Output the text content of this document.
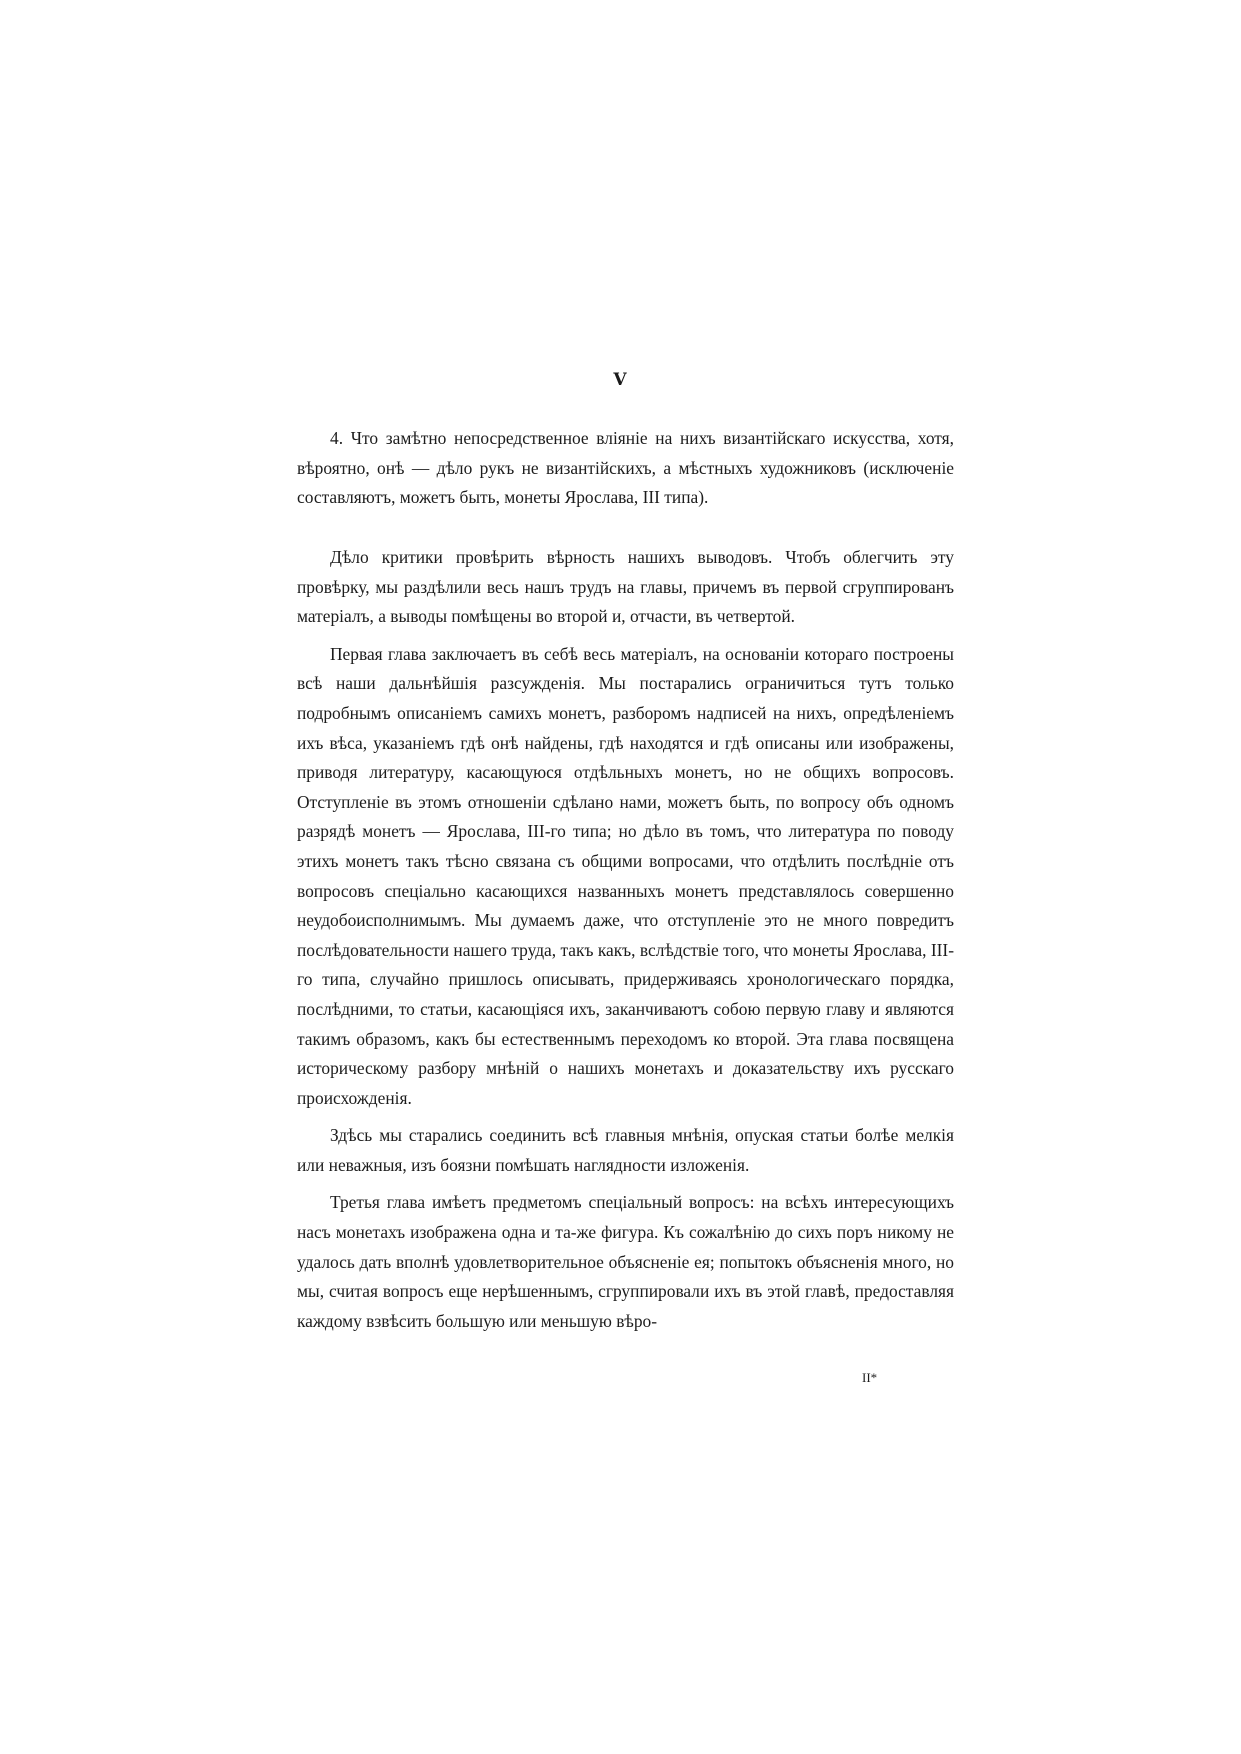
V

4. Что замѣтно непосредственное вліяніе на нихъ византійскаго искусства, хотя, вѣроятно, онѣ — дѣло рукъ не византійскихъ, а мѣстныхъ художниковъ (исключеніе составляютъ, можетъ быть, монеты Ярослава, III типа).

Дѣло критики провѣрить вѣрность нашихъ выводовъ. Чтобъ облегчить эту провѣрку, мы раздѣлили весь нашъ трудъ на главы, причемъ въ первой сгруппированъ матеріалъ, а выводы помѣщены во второй и, отчасти, въ четвертой.

Первая глава заключаетъ въ себѣ весь матеріалъ, на основаніи котораго построены всѣ наши дальнѣйшія разсужденія. Мы постарались ограничиться тутъ только подробнымъ описаніемъ самихъ монетъ, разборомъ надписей на нихъ, опредѣленіемъ ихъ вѣса, указаніемъ гдѣ онѣ найдены, гдѣ находятся и гдѣ описаны или изображены, приводя литературу, касающуюся отдѣльныхъ монетъ, но не общихъ вопросовъ. Отступленіе въ этомъ отношеніи сдѣлано нами, можетъ быть, по вопросу объ одномъ разрядѣ монетъ — Ярослава, III-го типа; но дѣло въ томъ, что литература по поводу этихъ монетъ такъ тѣсно связана съ общими вопросами, что отдѣлить послѣдніе отъ вопросовъ спеціально касающихся названныхъ монетъ представлялось совершенно неудобоисполнимымъ. Мы думаемъ даже, что отступленіе это не много повредитъ послѣдовательности нашего труда, такъ какъ, вслѣдствіе того, что монеты Ярослава, III-го типа, случайно пришлось описывать, придерживаясь хронологическаго порядка, послѣдними, то статьи, касающіяся ихъ, заканчиваютъ собою первую главу и являются такимъ образомъ, какъ бы естественнымъ переходомъ ко второй. Эта глава посвящена историческому разбору мнѣній о нашихъ монетахъ и доказательству ихъ русскаго происхожденія.

Здѣсь мы старались соединить всѣ главныя мнѣнія, опуская статьи болѣе мелкія или неважныя, изъ боязни помѣшать наглядности изложенія.

Третья глава имѣетъ предметомъ спеціальный вопросъ: на всѣхъ интересующихъ насъ монетахъ изображена одна и та-же фигура. Къ сожалѣнію до сихъ поръ никому не удалось дать вполнѣ удовлетворительное объясненіе ея; попытокъ объясненія много, но мы, считая вопросъ еще нерѣшеннымъ, сгруппировали ихъ въ этой главѣ, предоставляя каждому взвѣсить большую или меньшую вѣро-

II*
